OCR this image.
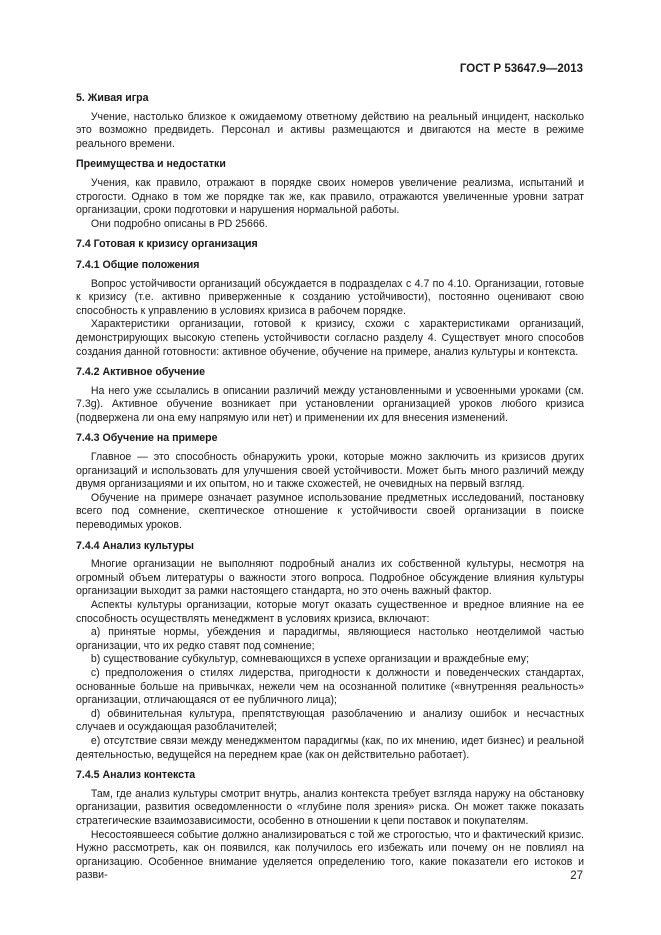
ГОСТ Р 53647.9—2013

5. Живая игра

Учение, настолько близкое к ожидаемому ответному действию на реальный инцидент, насколько это возможно предвидеть. Персонал и активы размещаются и двигаются на месте в режиме реального времени.

Преимущества и недостатки

Учения, как правило, отражают в порядке своих номеров увеличение реализма, испытаний и строгости. Однако в том же порядке так же, как правило, отражаются увеличенные уровни затрат организации, сроки подготовки и нарушения нормальной работы.

Они подробно описаны в PD 25666.

7.4 Готовая к кризису организация

7.4.1 Общие положения

Вопрос устойчивости организаций обсуждается в подразделах с 4.7 по 4.10. Организации, готовые к кризису (т.е. активно приверженные к созданию устойчивости), постоянно оценивают свою способность к управлению в условиях кризиса в рабочем порядке.

Характеристики организации, готовой к кризису, схожи с характеристиками организаций, демонстрирующих высокую степень устойчивости согласно разделу 4. Существует много способов создания данной готовности: активное обучение, обучение на примере, анализ культуры и контекста.

7.4.2 Активное обучение

На него уже ссылались в описании различий между установленными и усвоенными уроками (см. 7.3g). Активное обучение возникает при установлении организацией уроков любого кризиса (подвержена ли она ему напрямую или нет) и применении их для внесения изменений.

7.4.3 Обучение на примере

Главное — это способность обнаружить уроки, которые можно заключить из кризисов других организаций и использовать для улучшения своей устойчивости. Может быть много различий между двумя организациями и их опытом, но и также схожестей, не очевидных на первый взгляд.

Обучение на примере означает разумное использование предметных исследований, постановку всего под сомнение, скептическое отношение к устойчивости своей организации в поиске переводимых уроков.

7.4.4 Анализ культуры

Многие организации не выполняют подробный анализ их собственной культуры, несмотря на огромный объем литературы о важности этого вопроса. Подробное обсуждение влияния культуры организации выходит за рамки настоящего стандарта, но это очень важный фактор.

Аспекты культуры организации, которые могут оказать существенное и вредное влияние на ее способность осуществлять менеджмент в условиях кризиса, включают:

a) принятые нормы, убеждения и парадигмы, являющиеся настолько неотделимой частью организации, что их редко ставят под сомнение;

b) существование субкультур, сомневающихся в успехе организации и враждебные ему;

c) предположения о стилях лидерства, пригодности к должности и поведенческих стандартах, основанные больше на привычках, нежели чем на осознанной политике («внутренняя реальность» организации, отличающаяся от ее публичного лица);

d) обвинительная культура, препятствующая разоблачению и анализу ошибок и несчастных случаев и осуждающая разоблачителей;

e) отсутствие связи между менеджментом парадигмы (как, по их мнению, идет бизнес) и реальной деятельностью, ведущейся на переднем крае (как он действительно работает).

7.4.5 Анализ контекста

Там, где анализ культуры смотрит внутрь, анализ контекста требует взгляда наружу на обстановку организации, развития осведомленности о «глубине поля зрения» риска. Он может также показать стратегические взаимозависимости, особенно в отношении к цепи поставок и покупателям.

Несостоявшееся событие должно анализироваться с той же строгостью, что и фактический кризис. Нужно рассмотреть, как он появился, как получилось его избежать или почему он не повлиял на организацию. Особенное внимание уделяется определению того, какие показатели его истоков и разви-	27
